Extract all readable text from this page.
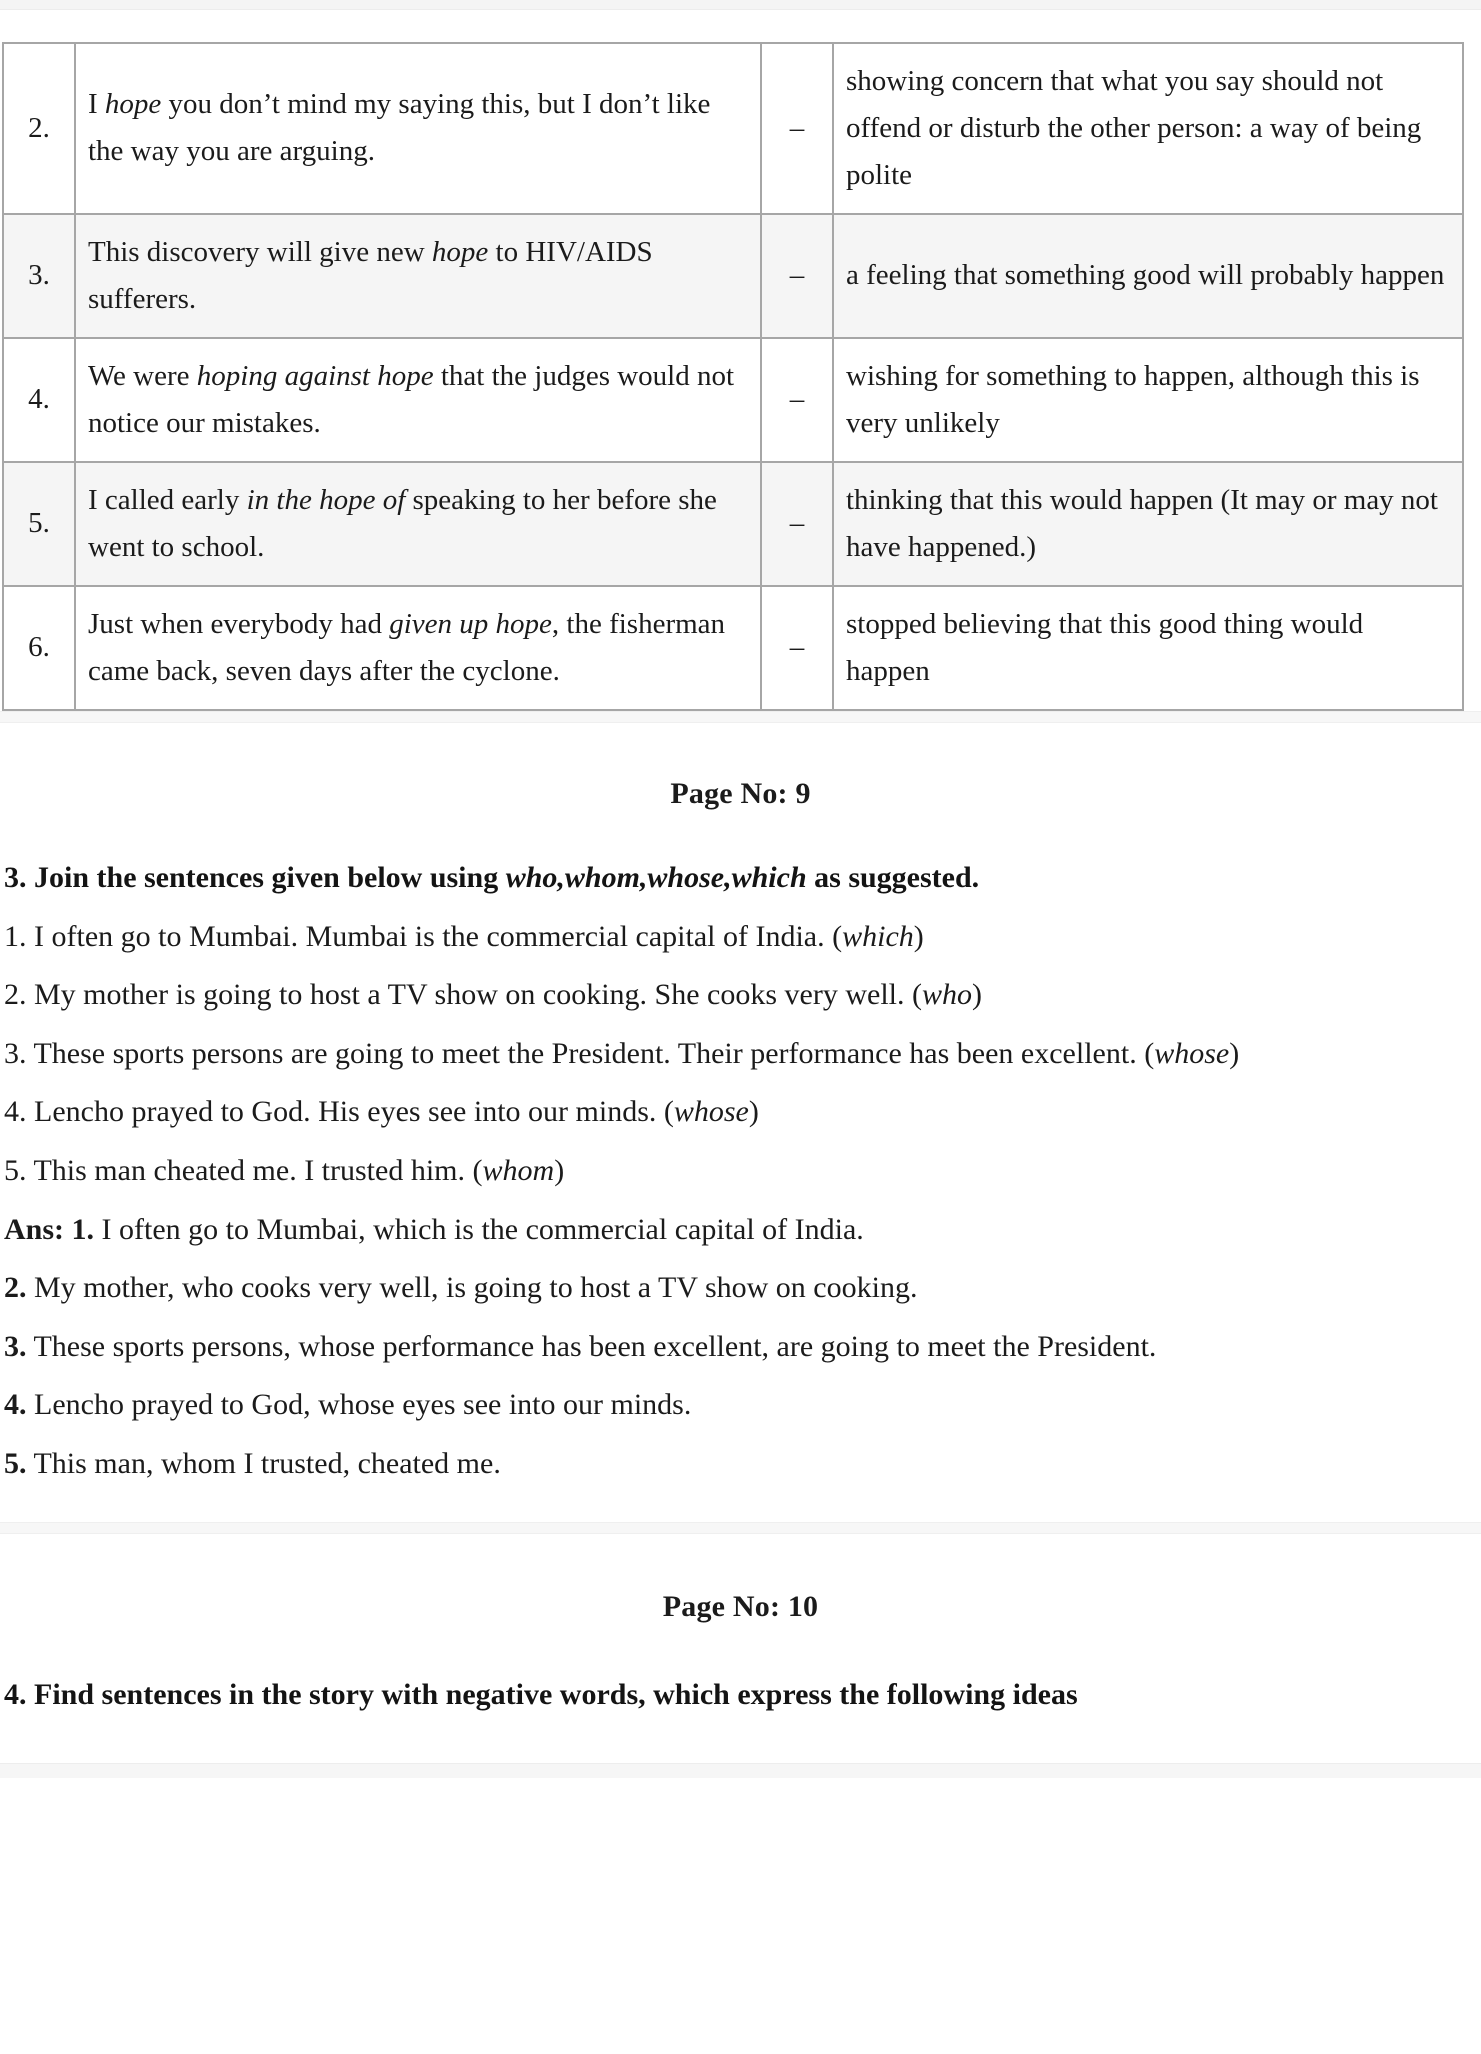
2.	I hope you don’t mind my saying this, but I don’t like the way you are arguing.	–	showing concern that what you say should not offend or disturb the other person: a way of being polite
3.	This discovery will give new hope to HIV/AIDS sufferers.	–	a feeling that something good will probably happen
4.	We were hoping against hope that the judges would not notice our mistakes.	–	wishing for something to happen, although this is very unlikely
5.	I called early in the hope of speaking to her before she went to school.	–	thinking that this would happen (It may or may not have happened.)
6.	Just when everybody had given up hope, the fisherman came back, seven days after the cyclone.	–	stopped believing that this good thing would happen
Page No: 9
3. Join the sentences given below using who,whom,whose,which as suggested.
1. I often go to Mumbai. Mumbai is the commercial capital of India. (which)
2. My mother is going to host a TV show on cooking. She cooks very well. (who)
3. These sports persons are going to meet the President. Their performance has been excellent. (whose)
4. Lencho prayed to God. His eyes see into our minds. (whose)
5. This man cheated me. I trusted him. (whom)
Ans: 1. I often go to Mumbai, which is the commercial capital of India.
2. My mother, who cooks very well, is going to host a TV show on cooking.
3. These sports persons, whose performance has been excellent, are going to meet the President.
4. Lencho prayed to God, whose eyes see into our minds.
5. This man, whom I trusted, cheated me.
Page No: 10
4. Find sentences in the story with negative words, which express the following ideas
